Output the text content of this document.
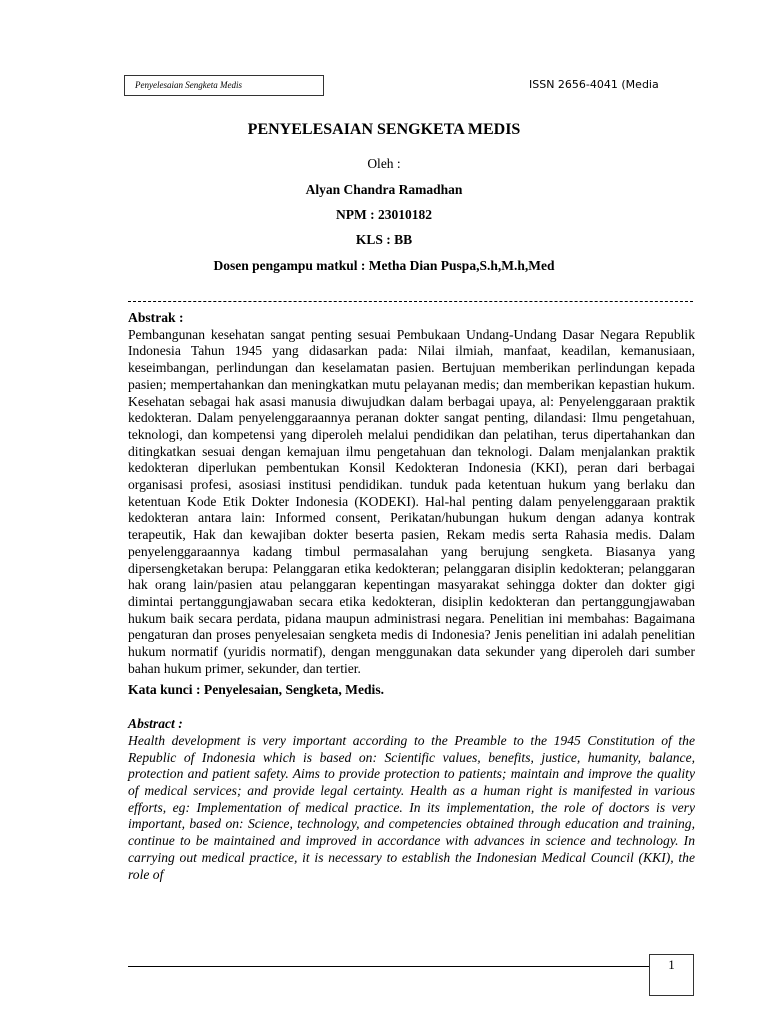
Penyelesaian Sengketa Medis	ISSN 2656-4041 (Media
PENYELESAIAN SENGKETA MEDIS
Oleh :
Alyan Chandra Ramadhan
NPM : 23010182
KLS : BB
Dosen pengampu matkul : Metha Dian Puspa,S.h,M.h,Med
Abstrak :

Pembangunan kesehatan sangat penting sesuai Pembukaan Undang-Undang Dasar Negara Republik Indonesia Tahun 1945 yang didasarkan pada: Nilai ilmiah, manfaat, keadilan, kemanusiaan, keseimbangan, perlindungan dan keselamatan pasien. Bertujuan memberikan perlindungan kepada pasien; mempertahankan dan meningkatkan mutu pelayanan medis; dan memberikan kepastian hukum. Kesehatan sebagai hak asasi manusia diwujudkan dalam berbagai upaya, al: Penyelenggaraan praktik kedokteran. Dalam penyelenggaraannya peranan dokter sangat penting, dilandasi: Ilmu pengetahuan, teknologi, dan kompetensi yang diperoleh melalui pendidikan dan pelatihan, terus dipertahankan dan ditingkatkan sesuai dengan kemajuan ilmu pengetahuan dan teknologi. Dalam menjalankan praktik kedokteran diperlukan pembentukan Konsil Kedokteran Indonesia (KKI), peran dari berbagai organisasi profesi, asosiasi institusi pendidikan. tunduk pada ketentuan hukum yang berlaku dan ketentuan Kode Etik Dokter Indonesia (KODEKI). Hal-hal penting dalam penyelenggaraan praktik kedokteran antara lain: Informed consent, Perikatan/hubungan hukum dengan adanya kontrak terapeutik, Hak dan kewajiban dokter beserta pasien, Rekam medis serta Rahasia medis. Dalam penyelenggaraannya kadang timbul permasalahan yang berujung sengketa. Biasanya yang dipersengketakan berupa: Pelanggaran etika kedokteran; pelanggaran disiplin kedokteran; pelanggaran hak orang lain/pasien atau pelanggaran kepentingan masyarakat sehingga dokter dan dokter gigi dimintai pertanggungjawaban secara etika kedokteran, disiplin kedokteran dan pertanggungjawaban hukum baik secara perdata, pidana maupun administrasi negara. Penelitian ini membahas: Bagaimana pengaturan dan proses penyelesaian sengketa medis di Indonesia? Jenis penelitian ini adalah penelitian hukum normatif (yuridis normatif), dengan menggunakan data sekunder yang diperoleh dari sumber bahan hukum primer, sekunder, dan tertier.

Kata kunci : Penyelesaian, Sengketa, Medis.
Abstract :

Health development is very important according to the Preamble to the 1945 Constitution of the Republic of Indonesia which is based on: Scientific values, benefits, justice, humanity, balance, protection and patient safety. Aims to provide protection to patients; maintain and improve the quality of medical services; and provide legal certainty. Health as a human right is manifested in various efforts, eg: Implementation of medical practice. In its implementation, the role of doctors is very important, based on: Science, technology, and competencies obtained through education and training, continue to be maintained and improved in accordance with advances in science and technology. In carrying out medical practice, it is necessary to establish the Indonesian Medical Council (KKI), the role of

1
